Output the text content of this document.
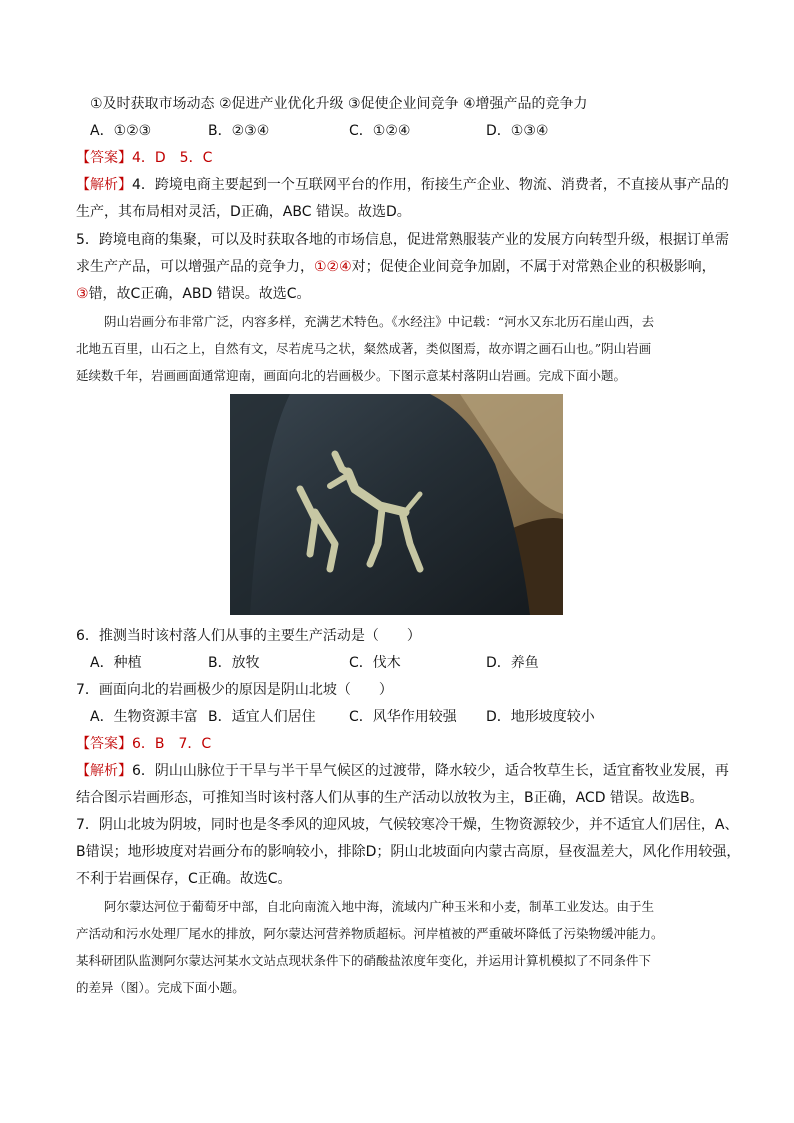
①及时获取市场动态 ②促进产业优化升级 ③促使企业间竞争 ④增强产品的竞争力
A．①②③	B．②③④	C．①②④	D．①③④
【答案】4．D　5．C
【解析】4．跨境电商主要起到一个互联网平台的作用，衔接生产企业、物流、消费者，不直接从事产品的
生产，其布局相对灵活，D正确，ABC 错误。故选D。
5．跨境电商的集聚，可以及时获取各地的市场信息，促进常熟服装产业的发展方向转型升级，根据订单需
求生产产品，可以增强产品的竞争力，①②④对；促使企业间竞争加剧，不属于对常熟企业的积极影响，
③错，故C正确，ABD 错误。故选C。
阴山岩画分布非常广泛，内容多样，充满艺术特色。《水经注》中记载：“河水又东北历石崖山西，去
北地五百里，山石之上，自然有文，尽若虎马之状，粲然成著，类似图焉，故亦谓之画石山也。”阴山岩画
延续数千年，岩画画面通常迎南，画面向北的岩画极少。下图示意某村落阴山岩画。完成下面小题。
6．推测当时该村落人们从事的主要生产活动是（　　）
A．种植	B．放牧	C．伐木	D．养鱼
7．画面向北的岩画极少的原因是阴山北坡（　　）
A．生物资源丰富 B．适宜人们居住 C．风华作用较强 D．地形坡度较小
【答案】6．B　7．C
【解析】6．阴山山脉位于干旱与半干旱气候区的过渡带，降水较少，适合牧草生长，适宜畜牧业发展，再
结合图示岩画形态，可推知当时该村落人们从事的生产活动以放牧为主，B正确，ACD 错误。故选B。
7．阴山北坡为阴坡，同时也是冬季风的迎风坡，气候较寒冷干燥，生物资源较少，并不适宜人们居住，A、
B错误；地形坡度对岩画分布的影响较小，排除D；阴山北坡面向内蒙古高原，昼夜温差大，风化作用较强，
不利于岩画保存，C正确。故选C。
阿尔蒙达河位于葡萄牙中部，自北向南流入地中海，流域内广种玉米和小麦，制革工业发达。由于生
产活动和污水处理厂尾水的排放，阿尔蒙达河营养物质超标。河岸植被的严重破坏降低了污染物缓冲能力。
某科研团队监测阿尔蒙达河某水文站点现状条件下的硝酸盐浓度年变化，并运用计算机模拟了不同条件下
的差异（图）。完成下面小题。
